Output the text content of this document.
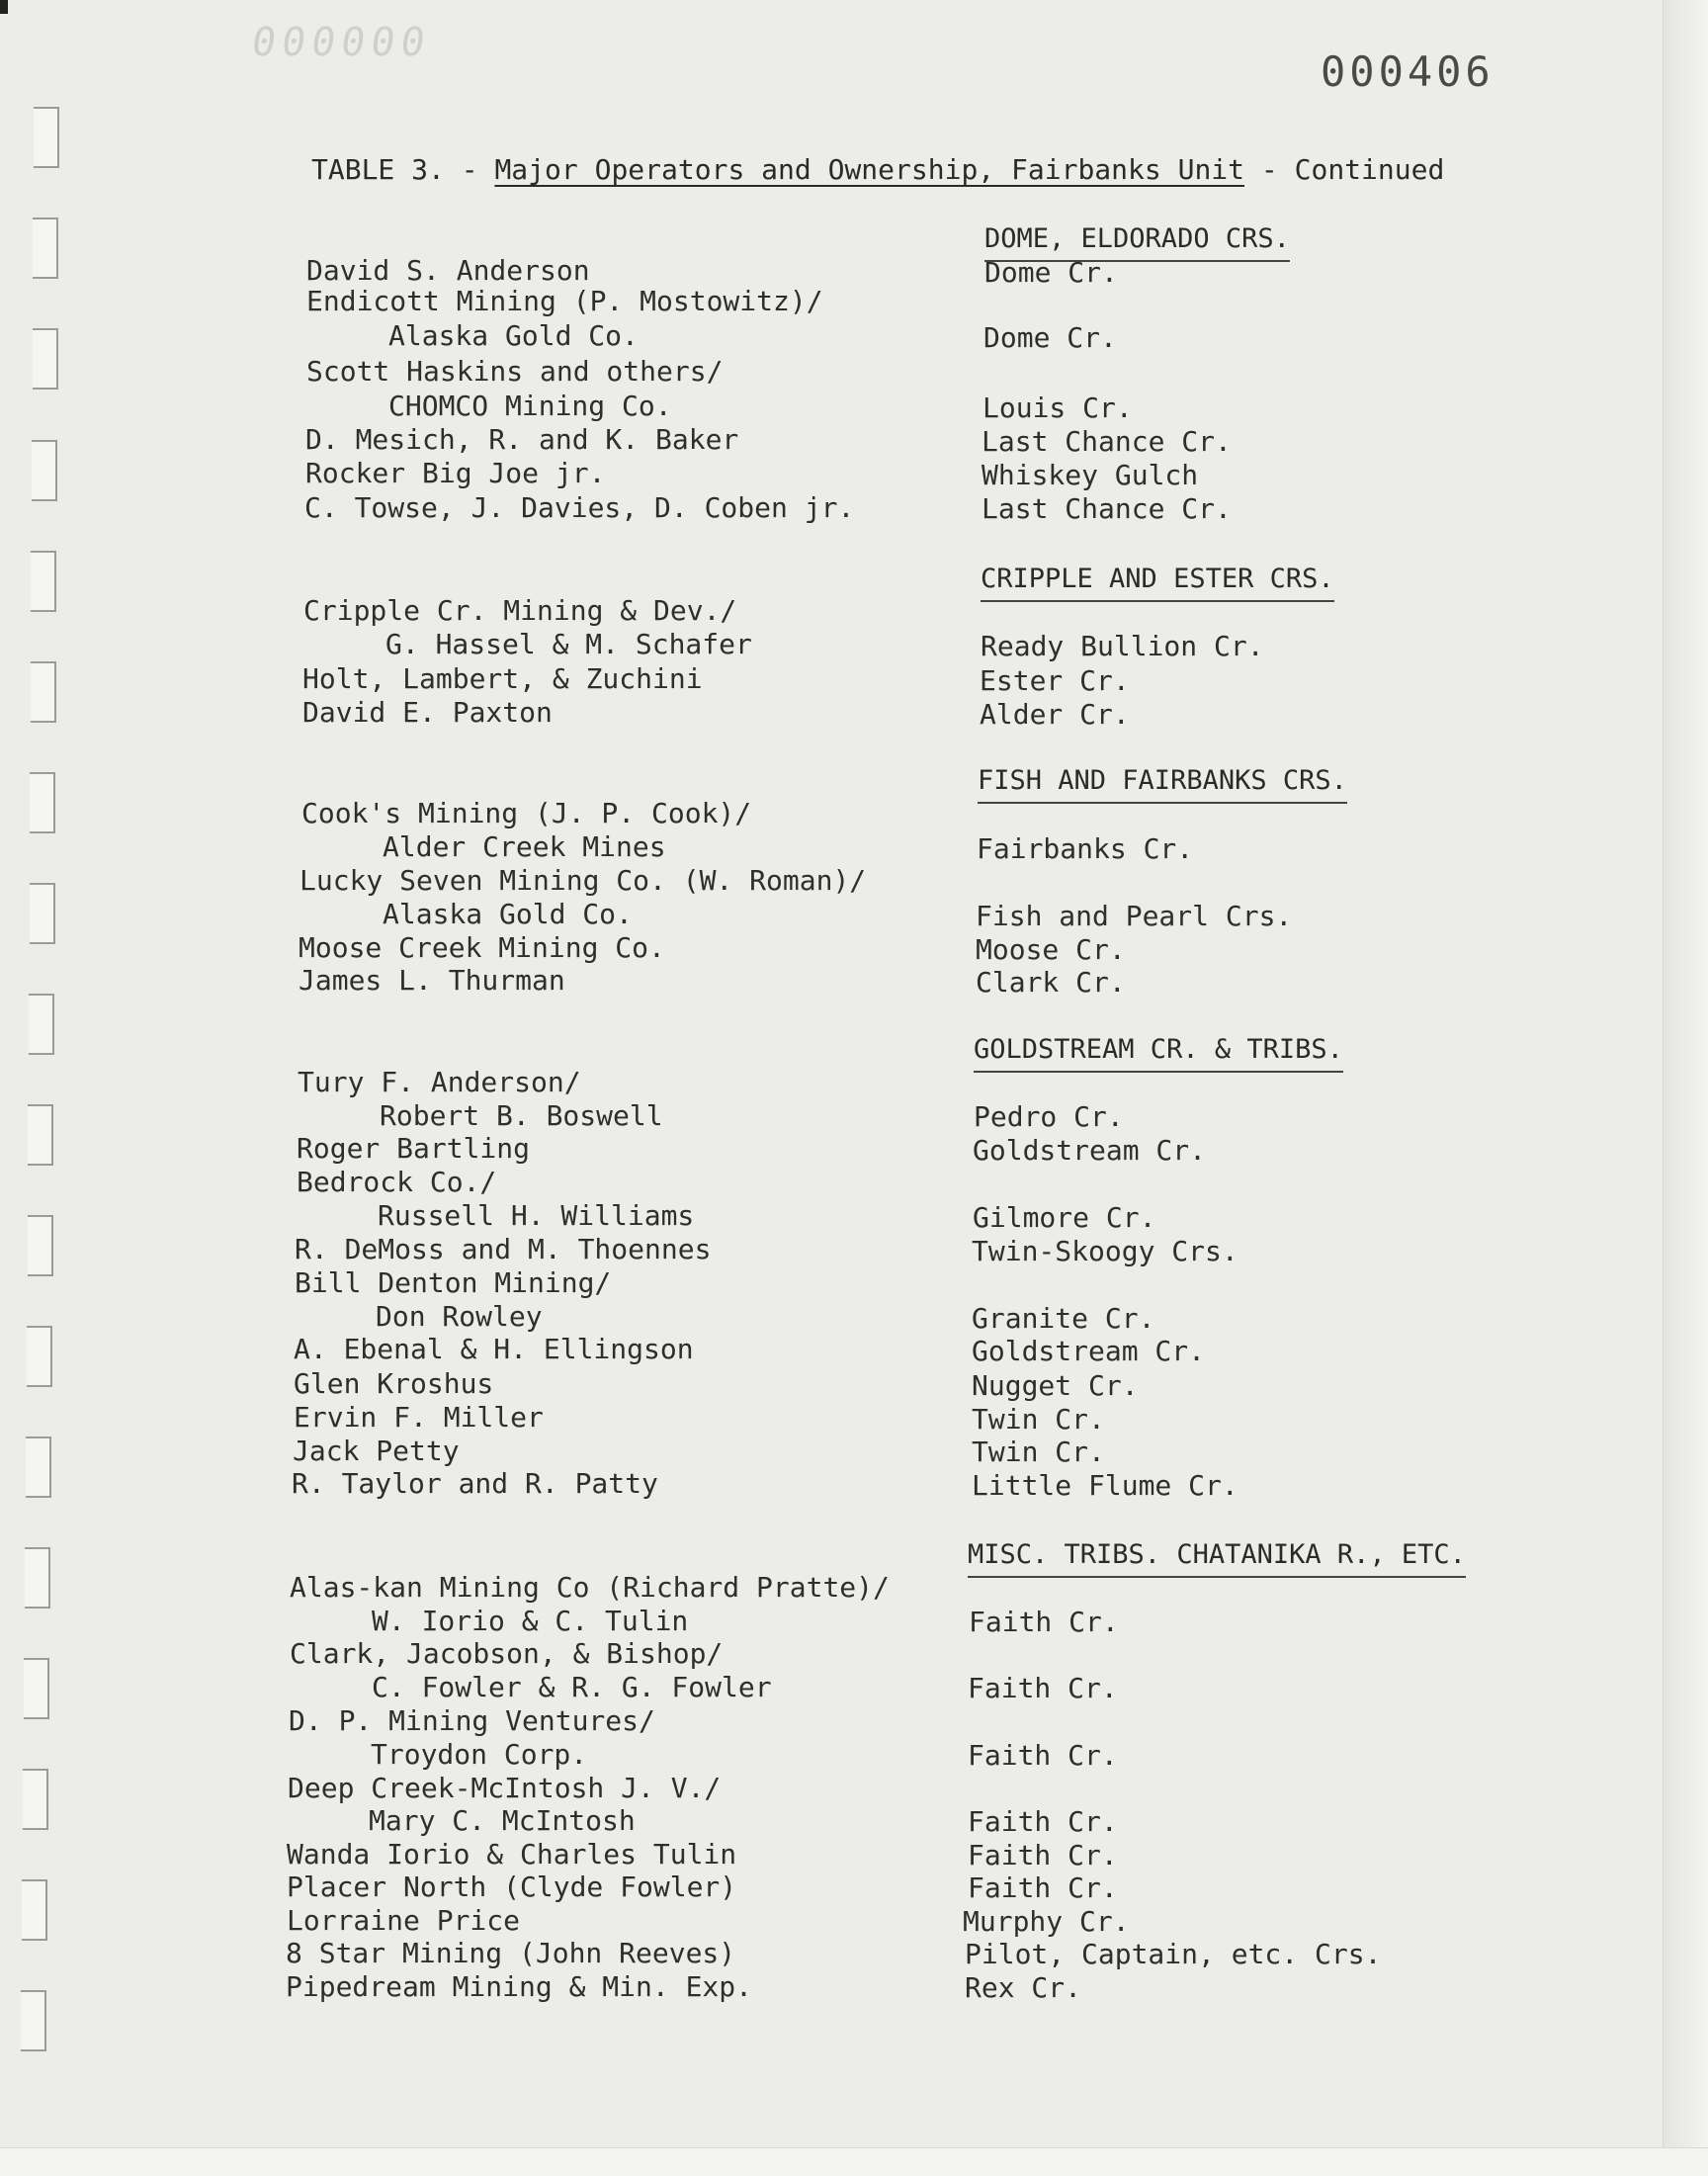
000000
000406
TABLE 3. - Major Operators and Ownership, Fairbanks Unit - Continued
DOME, ELDORADO CRS.
David S. Anderson
Endicott Mining (P. Mostowitz)/
Alaska Gold Co.
Scott Haskins and others/
CHOMCO Mining Co.
D. Mesich, R. and K. Baker
Rocker Big Joe jr.
C. Towse, J. Davies, D. Coben jr.
Dome Cr.
Dome Cr.
Louis Cr.
Last Chance Cr.
Whiskey Gulch
Last Chance Cr.
CRIPPLE AND ESTER CRS.
Cripple Cr. Mining & Dev./
G. Hassel & M. Schafer
Holt, Lambert, & Zuchini
David E. Paxton
Ready Bullion Cr.
Ester Cr.
Alder Cr.
FISH AND FAIRBANKS CRS.
Cook's Mining (J. P. Cook)/
Alder Creek Mines
Lucky Seven Mining Co. (W. Roman)/
Alaska Gold Co.
Moose Creek Mining Co.
James L. Thurman
Fairbanks Cr.
Fish and Pearl Crs.
Moose Cr.
Clark Cr.
GOLDSTREAM CR. & TRIBS.
Tury F. Anderson/
Robert B. Boswell
Roger Bartling
Bedrock Co./
Russell H. Williams
R. DeMoss and M. Thoennes
Bill Denton Mining/
Don Rowley
A. Ebenal & H. Ellingson
Glen Kroshus
Ervin F. Miller
Jack Petty
R. Taylor and R. Patty
Pedro Cr.
Goldstream Cr.
Gilmore Cr.
Twin-Skoogy Crs.
Granite Cr.
Goldstream Cr.
Nugget Cr.
Twin Cr.
Twin Cr.
Little Flume Cr.
MISC. TRIBS. CHATANIKA R., ETC.
Alas-kan Mining Co (Richard Pratte)/
W. Iorio & C. Tulin
Clark, Jacobson, & Bishop/
C. Fowler & R. G. Fowler
D. P. Mining Ventures/
Troydon Corp.
Deep Creek-McIntosh J. V./
Mary C. McIntosh
Wanda Iorio & Charles Tulin
Placer North (Clyde Fowler)
Lorraine Price
8 Star Mining (John Reeves)
Pipedream Mining & Min. Exp.
Faith Cr.
Faith Cr.
Faith Cr.
Faith Cr.
Faith Cr.
Faith Cr.
Murphy Cr.
Pilot, Captain, etc. Crs.
Rex Cr.
